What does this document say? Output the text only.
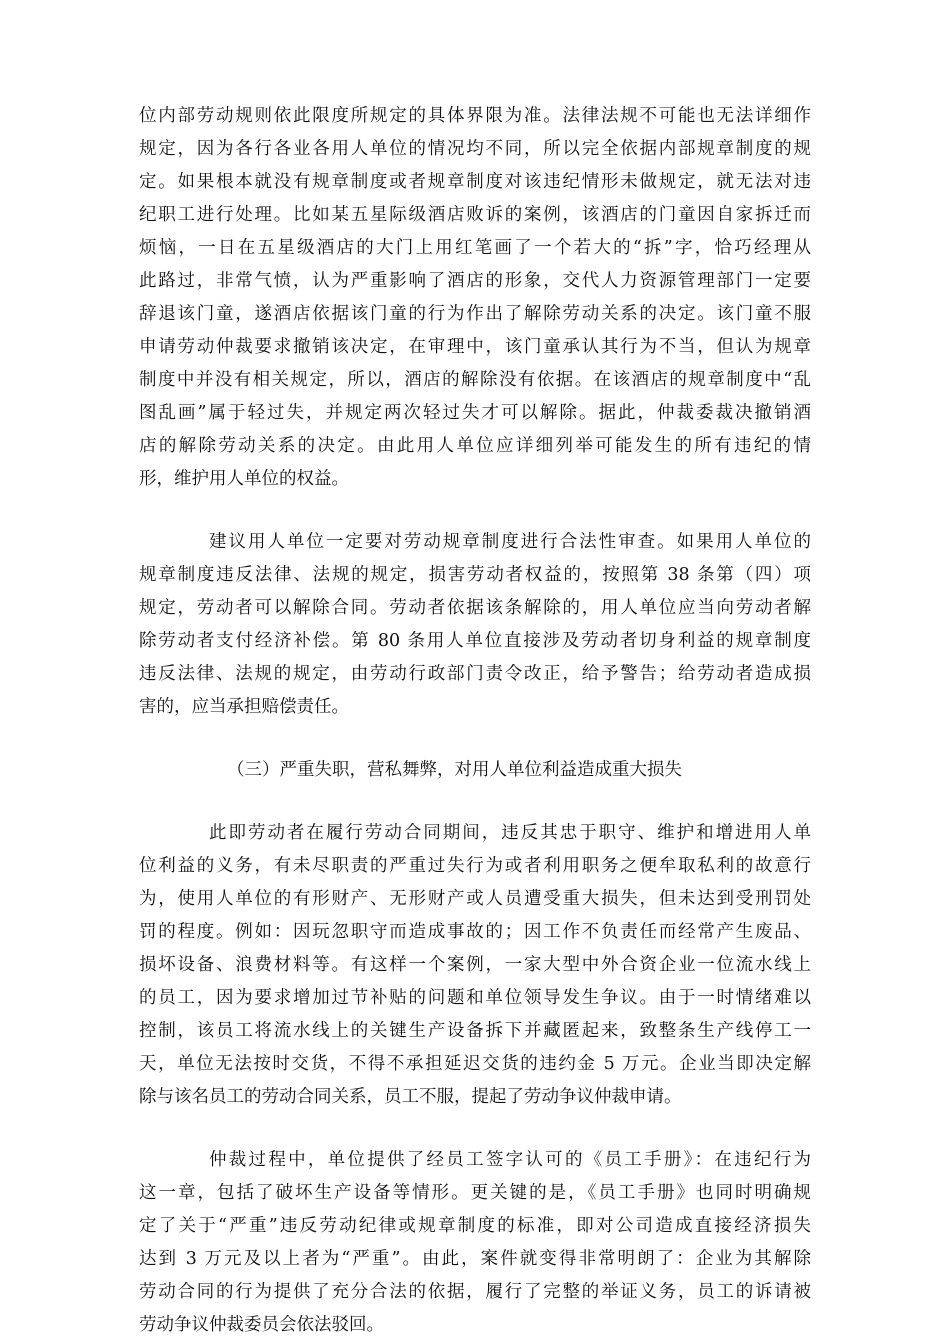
位内部劳动规则依此限度所规定的具体界限为准。法律法规不可能也无法详细作
规定，因为各行各业各用人单位的情况均不同，所以完全依据内部规章制度的规
定。如果根本就没有规章制度或者规章制度对该违纪情形未做规定，就无法对违
纪职工进行处理。比如某五星际级酒店败诉的案例，该酒店的门童因自家拆迁而
烦恼，一日在五星级酒店的大门上用红笔画了一个若大的“拆”字，恰巧经理从
此路过，非常气愤，认为严重影响了酒店的形象，交代人力资源管理部门一定要
辞退该门童，遂酒店依据该门童的行为作出了解除劳动关系的决定。该门童不服
申请劳动仲裁要求撤销该决定，在审理中，该门童承认其行为不当，但认为规章
制度中并没有相关规定，所以，酒店的解除没有依据。在该酒店的规章制度中“乱
图乱画”属于轻过失，并规定两次轻过失才可以解除。据此，仲裁委裁决撤销酒
店的解除劳动关系的决定。由此用人单位应详细列举可能发生的所有违纪的情
形，维护用人单位的权益。
建议用人单位一定要对劳动规章制度进行合法性审查。如果用人单位的
规章制度违反法律、法规的规定，损害劳动者权益的，按照第 38 条第（四）项
规定，劳动者可以解除合同。劳动者依据该条解除的，用人单位应当向劳动者解
除劳动者支付经济补偿。第 80 条用人单位直接涉及劳动者切身利益的规章制度
违反法律、法规的规定，由劳动行政部门责令改正，给予警告；给劳动者造成损
害的，应当承担赔偿责任。
（三）严重失职，营私舞弊，对用人单位利益造成重大损失
此即劳动者在履行劳动合同期间，违反其忠于职守、维护和增进用人单
位利益的义务，有未尽职责的严重过失行为或者利用职务之便牟取私利的故意行
为，使用人单位的有形财产、无形财产或人员遭受重大损失，但未达到受刑罚处
罚的程度。例如：因玩忽职守而造成事故的；因工作不负责任而经常产生废品、
损坏设备、浪费材料等。有这样一个案例，一家大型中外合资企业一位流水线上
的员工，因为要求增加过节补贴的问题和单位领导发生争议。由于一时情绪难以
控制，该员工将流水线上的关键生产设备拆下并藏匿起来，致整条生产线停工一
天，单位无法按时交货，不得不承担延迟交货的违约金 5 万元。企业当即决定解
除与该名员工的劳动合同关系，员工不服，提起了劳动争议仲裁申请。
仲裁过程中，单位提供了经员工签字认可的《员工手册》：在违纪行为
这一章，包括了破坏生产设备等情形。更关键的是，《员工手册》也同时明确规
定了关于“严重”违反劳动纪律或规章制度的标准，即对公司造成直接经济损失
达到 3 万元及以上者为“严重”。由此，案件就变得非常明朗了：企业为其解除
劳动合同的行为提供了充分合法的依据，履行了完整的举证义务，员工的诉请被
劳动争议仲裁委员会依法驳回。
